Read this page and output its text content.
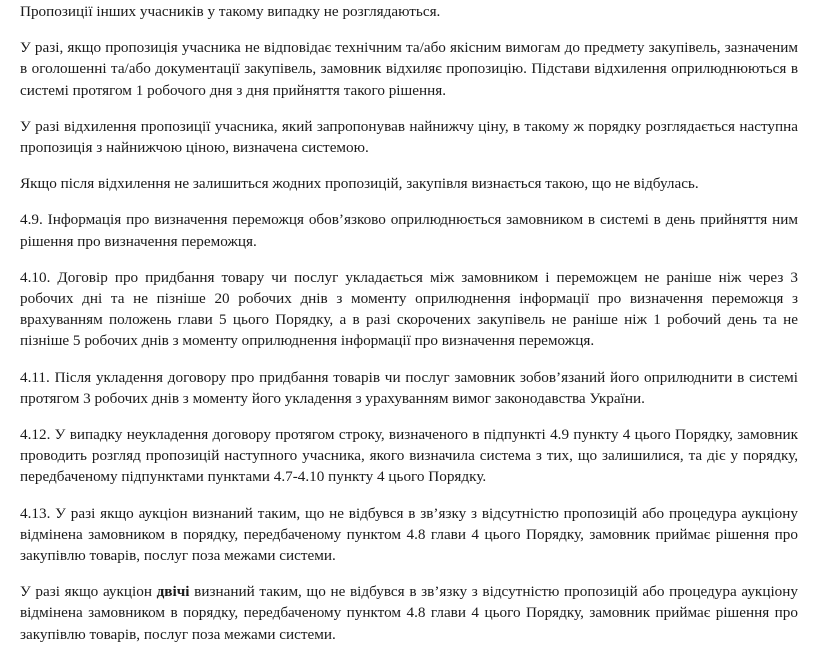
Пропозиції інших учасників у такому випадку не розглядаються.

У разі, якщо пропозиція учасника не відповідає технічним та/або якісним вимогам до предмету закупівель, зазначеним в оголошенні та/або документації закупівель, замовник відхиляє пропозицію. Підстави відхилення оприлюднюються в системі протягом 1 робочого дня з дня прийняття такого рішення.

У разі відхилення пропозиції учасника, який запропонував найнижчу ціну, в такому ж порядку розглядається наступна пропозиція з найнижчою ціною, визначена системою.

Якщо після відхилення не залишиться жодних пропозицій, закупівля визнається такою, що не відбулась.

4.9. Інформація про визначення переможця обов’язково оприлюднюється замовником в системі в день прийняття ним рішення про визначення переможця.

4.10. Договір про придбання товару чи послуг укладається між замовником і переможцем не раніше ніж через 3 робочих дні та не пізніше 20 робочих днів з моменту оприлюднення інформації про визначення переможця з врахуванням положень глави 5 цього Порядку, а в разі скорочених закупівель не раніше ніж 1 робочий день та не пізніше 5 робочих днів з моменту оприлюднення інформації про визначення переможця.

4.11. Після укладення договору про придбання товарів чи послуг замовник зобов’язаний його оприлюднити в системі протягом 3 робочих днів з моменту його укладення з урахуванням вимог законодавства України.

4.12. У випадку неукладення договору протягом строку, визначеного в підпункті 4.9 пункту 4 цього Порядку, замовник проводить розгляд пропозицій наступного учасника, якого визначила система з тих, що залишилися, та діє у порядку, передбаченому підпунктами пунктами 4.7-4.10 пункту 4 цього Порядку.

4.13. У разі якщо аукціон визнаний таким, що не відбувся в зв’язку з відсутністю пропозицій або процедура аукціону відмінена замовником в порядку, передбаченому пунктом 4.8 глави 4 цього Порядку, замовник приймає рішення про закупівлю товарів, послуг поза межами системи.

У разі якщо аукціон двічі визнаний таким, що не відбувся в зв’язку з відсутністю пропозицій або процедура аукціону відмінена замовником в порядку, передбаченому пунктом 4.8 глави 4 цього Порядку, замовник приймає рішення про закупівлю товарів, послуг поза межами системи.
